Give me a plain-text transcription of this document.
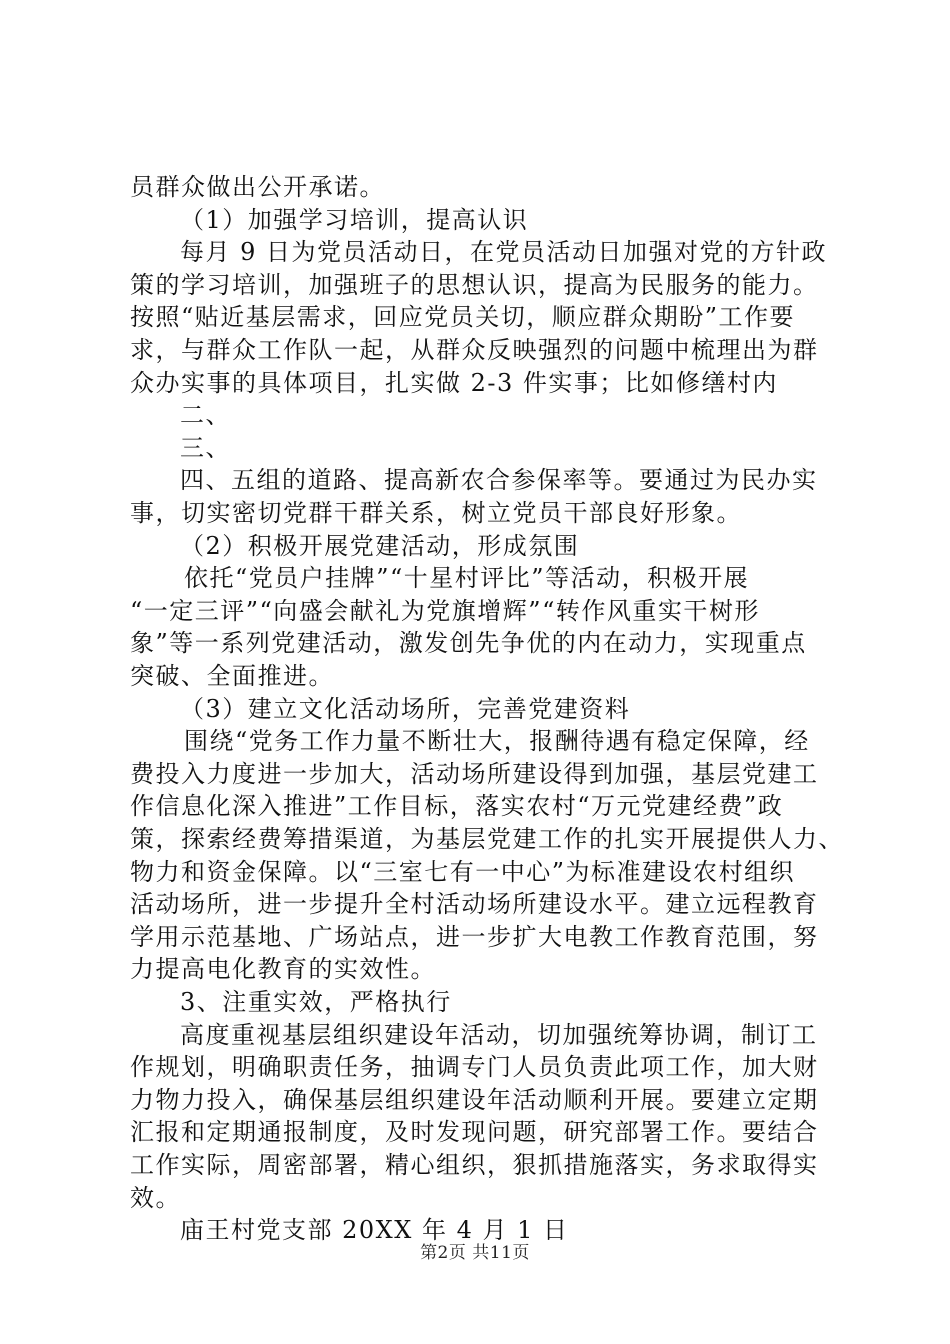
员群众做出公开承诺。
（1）加强学习培训，提高认识
每月 9 日为党员活动日，在党员活动日加强对党的方针政
策的学习培训，加强班子的思想认识，提高为民服务的能力。
按照“贴近基层需求，回应党员关切，顺应群众期盼”工作要
求，与群众工作队一起，从群众反映强烈的问题中梳理出为群
众办实事的具体项目，扎实做 2-3 件实事；比如修缮村内
二、
三、
四、五组的道路、提高新农合参保率等。要通过为民办实
事，切实密切党群干群关系，树立党员干部良好形象。
（2）积极开展党建活动，形成氛围
依托“党员户挂牌”“十星村评比”等活动，积极开展
“一定三评”“向盛会献礼为党旗增辉”“转作风重实干树形
象”等一系列党建活动，激发创先争优的内在动力，实现重点
突破、全面推进。
（3）建立文化活动场所，完善党建资料
围绕“党务工作力量不断壮大，报酬待遇有稳定保障，经
费投入力度进一步加大，活动场所建设得到加强，基层党建工
作信息化深入推进”工作目标，落实农村“万元党建经费”政
策，探索经费筹措渠道，为基层党建工作的扎实开展提供人力、
物力和资金保障。以“三室七有一中心”为标准建设农村组织
活动场所，进一步提升全村活动场所建设水平。建立远程教育
学用示范基地、广场站点，进一步扩大电教工作教育范围，努
力提高电化教育的实效性。
3、注重实效，严格执行
高度重视基层组织建设年活动，切加强统筹协调，制订工
作规划，明确职责任务，抽调专门人员负责此项工作，加大财
力物力投入，确保基层组织建设年活动顺利开展。要建立定期
汇报和定期通报制度，及时发现问题，研究部署工作。要结合
工作实际，周密部署，精心组织，狠抓措施落实，务求取得实
效。
庙王村党支部 20XX 年 4 月 1 日
第2页 共11页
